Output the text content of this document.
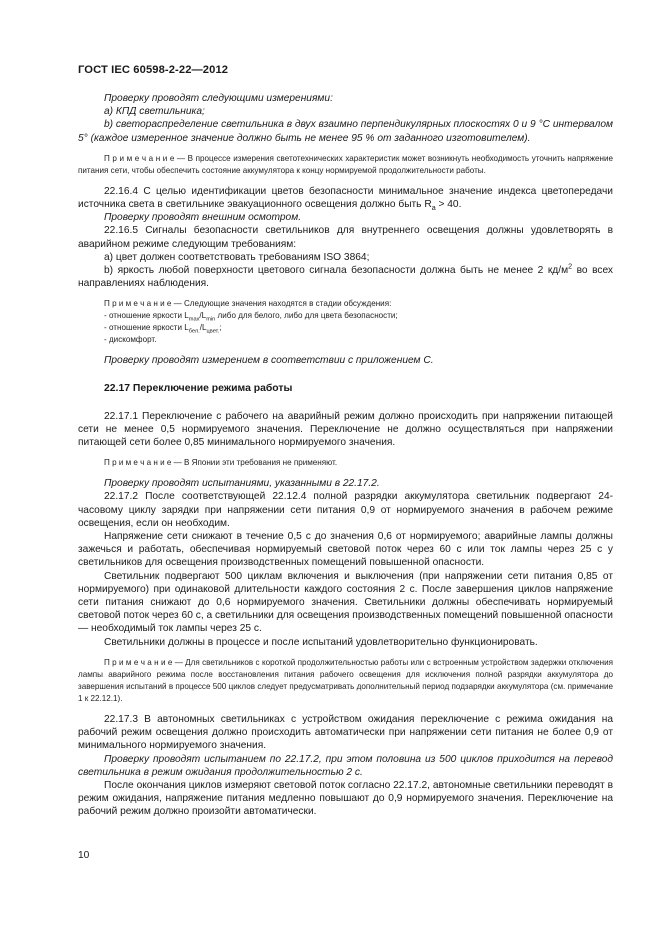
ГОСТ IEC 60598-2-22—2012

Проверку проводят следующими измерениями:

a) КПД светильника;

b) светораспределение светильника в двух взаимно перпендикулярных плоскостях 0 и 9 °C интервалом 5° (каждое измеренное значение должно быть не менее 95 % от заданного изготовителем).

П р и м е ч а н и е — В процессе измерения светотехнических характеристик может возникнуть необходимость уточнить напряжение питания сети, чтобы обеспечить состояние аккумулятора к концу нормируемой продолжительности работы.

22.16.4 С целью идентификации цветов безопасности минимальное значение индекса цветопередачи источника света в светильнике эвакуационного освещения должно быть $R_a > 40$.

Проверку проводят внешним осмотром.

22.16.5 Сигналы безопасности светильников для внутреннего освещения должны удовлетворять в аварийном режиме следующим требованиям:

a) цвет должен соответствовать требованиям ISO 3864;

b) яркость любой поверхности цветового сигнала безопасности должна быть не менее 2 $кд/м^2$ во всех направлениях наблюдения.

П р и м е ч а н и е — Следующие значения находятся в стадии обсуждения:

- отношение яркости $L_{max}/L_{min}$ либо для белого, либо для цвета безопасности;

- отношение яркости $L_{бел.}/L_{цвет.}$;

- дискомфорт.

Проверку проводят измерением в соответствии с приложением С.

22.17 Переключение режима работы

22.17.1 Переключение с рабочего на аварийный режим должно происходить при напряжении питающей сети не менее 0,5 нормируемого значения. Переключение не должно осуществляться при напряжении питающей сети более 0,85 минимального нормируемого значения.

П р и м е ч а н и е — В Японии эти требования не применяют.

Проверку проводят испытаниями, указанными в 22.17.2.

22.17.2 После соответствующей 22.12.4 полной разрядки аккумулятора светильник подвергают 24-часовому циклу зарядки при напряжении сети питания 0,9 от нормируемого значения в рабочем режиме освещения, если он необходим.

Напряжение сети снижают в течение 0,5 с до значения 0,6 от нормируемого; аварийные лампы должны зажечься и работать, обеспечивая нормируемый световой поток через 60 с или ток лампы через 25 с у светильников для освещения производственных помещений повышенной опасности.

Светильник подвергают 500 циклам включения и выключения (при напряжении сети питания 0,85 от нормируемого) при одинаковой длительности каждого состояния 2 с. После завершения циклов напряжение сети питания снижают до 0,6 нормируемого значения. Светильники должны обеспечивать нормируемый световой поток через 60 с, а светильники для освещения производственных помещений повышенной опасности — необходимый ток лампы через 25 с.

Светильники должны в процессе и после испытаний удовлетворительно функционировать.

П р и м е ч а н и е — Для светильников с короткой продолжительностью работы или с встроенным устройством задержки отключения лампы аварийного режима после восстановления питания рабочего освещения для исключения полной разрядки аккумулятора до завершения испытаний в процессе 500 циклов следует предусматривать дополнительный период подзарядки аккумулятора (см. примечание 1 к 22.12.1).

22.17.3 В автономных светильниках с устройством ожидания переключение с режима ожидания на рабочий режим освещения должно происходить автоматически при напряжении сети питания не более 0,9 от минимального нормируемого значения.

Проверку проводят испытанием по 22.17.2, при этом половина из 500 циклов приходится на перевод светильника в режим ожидания продолжительностью 2 с.

После окончания циклов измеряют световой поток согласно 22.17.2, автономные светильники переводят в режим ожидания, напряжение питания медленно повышают до 0,9 нормируемого значения. Переключение на рабочий режим должно произойти автоматически.

10
